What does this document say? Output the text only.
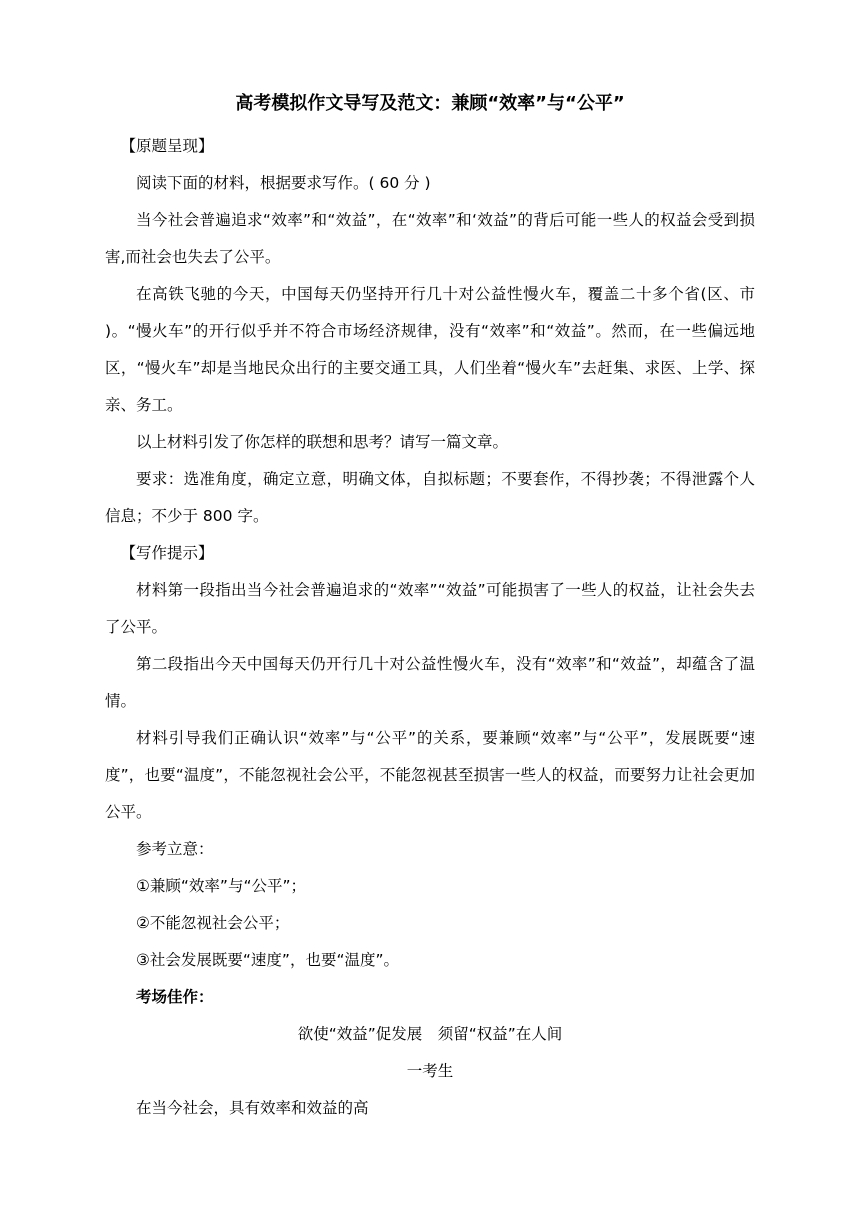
高考模拟作文导写及范文：兼顾“效率”与“公平”

【原题呈现】

阅读下面的材料，根据要求写作。( 60 分 )

当今社会普遍追求“效率”和“效益”，在“效率”和‘效益”的背后可能一些人的权益会受到损害,而社会也失去了公平。

在高铁飞驰的今天，中国每天仍坚持开行几十对公益性慢火车，覆盖二十多个省(区、市 )。“慢火车”的开行似乎并不符合市场经济规律，没有“效率”和“效益”。然而，在一些偏远地区，“慢火车”却是当地民众出行的主要交通工具，人们坐着“慢火车”去赶集、求医、上学、探亲、务工。

以上材料引发了你怎样的联想和思考？请写一篇文章。

要求：选准角度，确定立意，明确文体，自拟标题；不要套作，不得抄袭；不得泄露个人信息；不少于 800 字。

【写作提示】

材料第一段指出当今社会普遍追求的“效率”“效益”可能损害了一些人的权益，让社会失去了公平。

第二段指出今天中国每天仍开行几十对公益性慢火车，没有“效率”和“效益”，却蕴含了温情。

材料引导我们正确认识“效率”与“公平”的关系，要兼顾“效率”与“公平”，发展既要“速度”，也要“温度”，不能忽视社会公平，不能忽视甚至损害一些人的权益，而要努力让社会更加公平。

参考立意：

①兼顾“效率”与“公平”；

②不能忽视社会公平；

③社会发展既要“速度”，也要“温度”。

考场佳作：

欲使“效益”促发展　须留“权益”在人间

一考生

在当今社会，具有效率和效益的高
